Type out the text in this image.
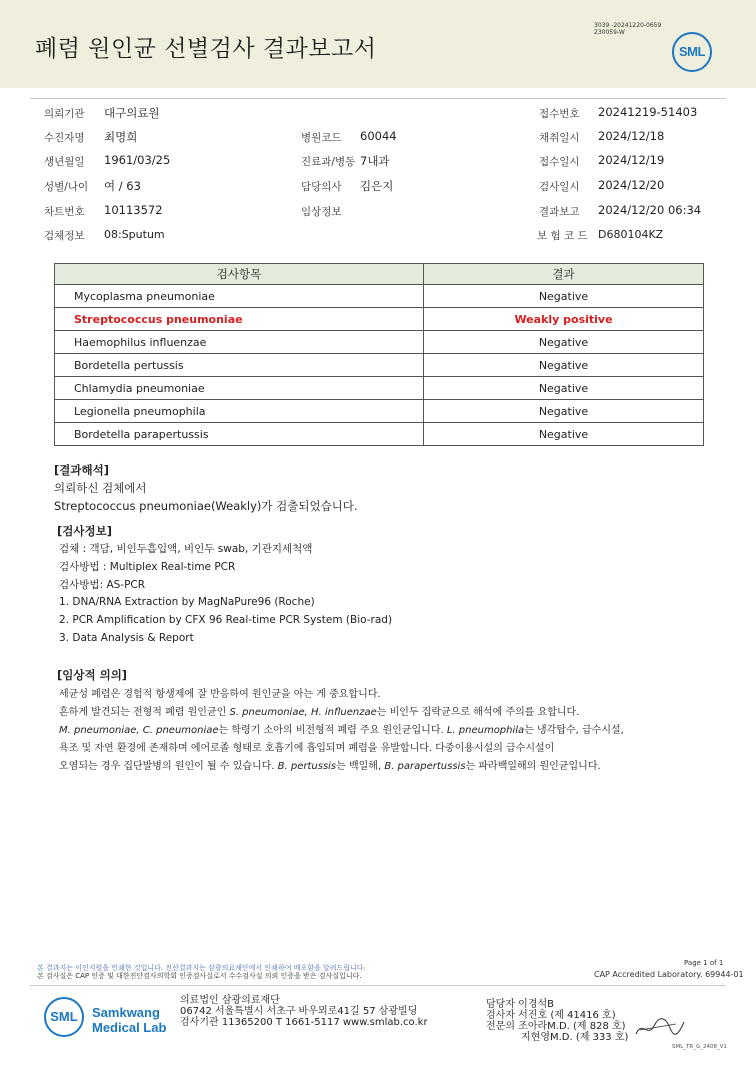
폐렴 원인균 선별검사 결과보고서
3039 -20241220-0659
230059-W
SML
의뢰기관 대구의료원	접수번호 20241219-51403
수진자명 최명희	병원코드 60044	채취일시 2024/12/18
생년월일 1961/03/25	진료과/병동 7내과	접수일시 2024/12/19
성별/나이 여 / 63	담당의사 김은지	검사일시 2024/12/20
차트번호 10113572	임상정보	결과보고 2024/12/20 06:34
검체정보 08:Sputum	보 험 코 드 D680104KZ
검사항목	결과
Mycoplasma pneumoniae	Negative
Streptococcus pneumoniae	Weakly positive
Haemophilus influenzae	Negative
Bordetella pertussis	Negative
Chlamydia pneumoniae	Negative
Legionella pneumophila	Negative
Bordetella parapertussis	Negative
[결과해석]
의뢰하신 검체에서
Streptococcus pneumoniae(Weakly)가 검출되었습니다.
[검사정보]
검체 : 객담, 비인두흡입액, 비인두 swab, 기관지세척액
검사방법 : Multiplex Real-time PCR
검사방법: AS-PCR
1. DNA/RNA Extraction by MagNaPure96 (Roche)
2. PCR Amplification by CFX 96 Real-time PCR System (Bio-rad)
3. Data Analysis & Report
[임상적 의의]
세균성 폐렴은 경험적 항생제에 잘 반응하여 원인균을 아는 게 중요합니다.
흔하게 발견되는 전형적 폐렴 원인균인 S. pneumoniae, H. influenzae는 비인두 집락균으로 해석에 주의를 요합니다.
M. pneumoniae, C. pneumoniae는 학령기 소아의 비전형적 폐렴 주요 원인균입니다. L. pneumophila는 냉각탑수, 급수시설,
욕조 및 자연 환경에 존재하며 에어로졸 형태로 호흡기에 흡입되며 폐렴을 유발합니다. 다중이용시설의 급수시설이
오염되는 경우 집단발병의 원인이 될 수 있습니다. B. pertussis는 백일해, B. parapertussis는 파라백일해의 원인균입니다.
본 결과지는 이인지원을 인쇄한 것입니다. 전산결과지는 삼광의료재단에서 인쇄하여 배포함을 알려드립니다.
본 검사실은 CAP 인증 및 대한진단검사의학회 인증검사실로서 수수검사실 의뢰 인증을 받은 검사실입니다.
Page 1 of 1
CAP Accredited Laboratory. 69944-01
SML	Samkwang
Medical Lab
의료법인 삼광의료재단
06742 서울특별시 서초구 바우뫼로41길 57 삼광빌딩
검사기관 11365200 T 1661-5117 www.smlab.co.kr
담당자 이경석B
검사자 서진호 (제 41416 호)
전문의 조아라M.D. (제 828 호)
지현영M.D. (제 333 호)
SML_TR_G_2408_V1
